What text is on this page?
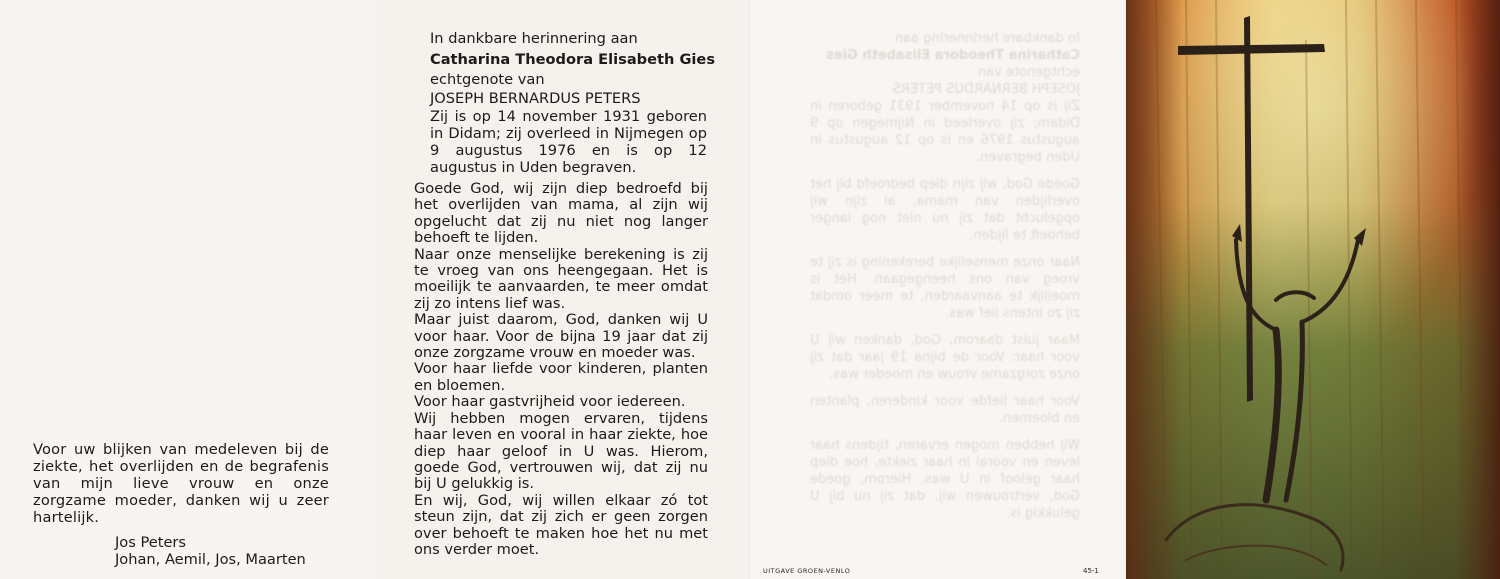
Voor uw blijken van medeleven bij de ziekte, het overlijden en de begrafenis van mijn lieve vrouw en onze zorgzame moeder, danken wij u zeer hartelijk.

Jos Peters
Johan, Aemil, Jos, Maarten
In dankbare herinnering aan
Catharina Theodora Elisabeth Gies
echtgenote van
JOSEPH BERNARDUS PETERS

Zij is op 14 november 1931 geboren in Didam; zij overleed in Nijmegen op 9 augustus 1976 en is op 12 augustus in Uden begraven.

Goede God, wij zijn diep bedroefd bij het overlijden van mama, al zijn wij opgelucht dat zij nu niet nog langer behoeft te lijden.

Naar onze menselijke berekening is zij te vroeg van ons heengegaan. Het is moeilijk te aanvaarden, te meer omdat zij zo intens lief was.

Maar juist daarom, God, danken wij U voor haar. Voor de bijna 19 jaar dat zij onze zorgzame vrouw en moeder was.

Voor haar liefde voor kinderen, planten en bloemen.

Voor haar gastvrijheid voor iedereen.

Wij hebben mogen ervaren, tijdens haar leven en vooral in haar ziekte, hoe diep haar geloof in U was. Hierom, goede God, vertrouwen wij, dat zij nu bij U gelukkig is.

En wij, God, wij willen elkaar zó tot steun zijn, dat zij zich er geen zorgen over behoeft te maken hoe het nu met ons verder moet.

In dankbare herinnering aan

Catharina Theodora Elisabeth Gies

echtgenote van

JOSEPH BERNARDUS PETERS

Zij is op 14 november 1931 geboren in Didam; zij overleed in Nijmegen op 9 augustus 1976 en is op 12 augustus in Uden begraven.

Goede God, wij zijn diep bedroefd bij het overlijden van mama, al zijn wij opgelucht dat zij nu niet nog langer behoeft te lijden.

Naar onze menselijke berekening is zij te vroeg van ons heengegaan. Het is moeilijk te aanvaarden, te meer omdat zij zo intens lief was.

Maar juist daarom, God, danken wij U voor haar. Voor de bijna 19 jaar dat zij onze zorgzame vrouw en moeder was.

Voor haar liefde voor kinderen, planten en bloemen.

Wij hebben mogen ervaren, tijdens haar leven en vooral in haar ziekte, hoe diep haar geloof in U was. Hierom, goede God, vertrouwen wij, dat zij nu bij U gelukkig is.

UITGAVE GROEN-VENLO	45-1
